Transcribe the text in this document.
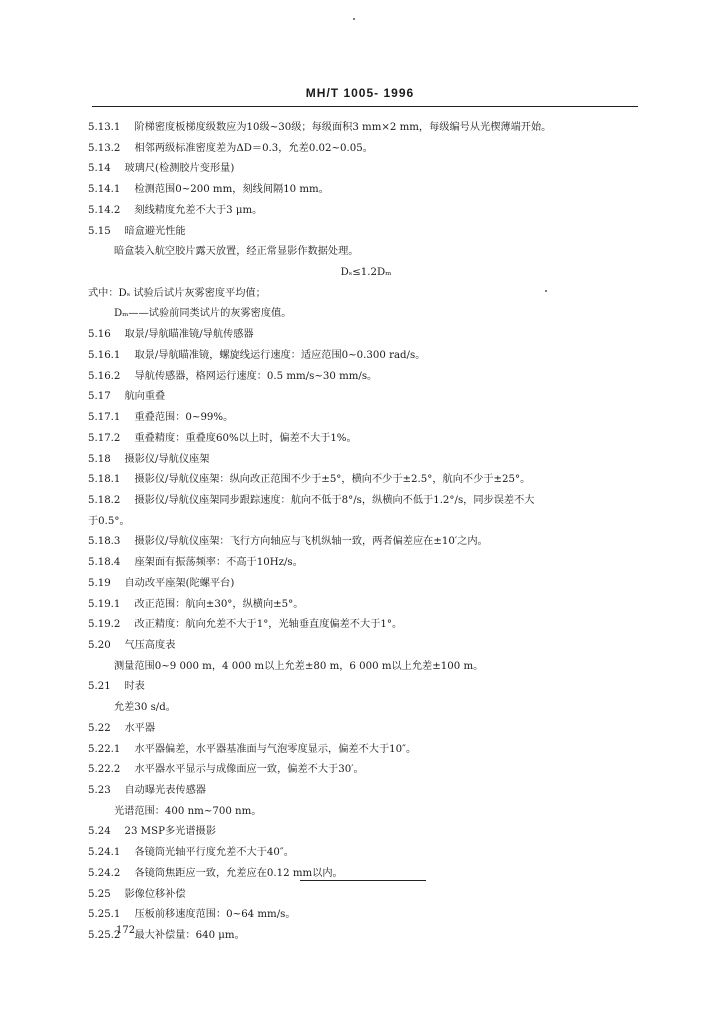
MH/T 1005- 1996
5.13.1 阶梯密度板梯度级数应为10级~30级；每级面积3 mm×2 mm，每级编号从光楔薄端开始。
5.13.2 相邻两级标准密度差为ΔD＝0.3，允差0.02~0.05。
5.14 玻璃尺(检测胶片变形量)
5.14.1 检测范围0~200 mm，刻线间隔10 mm。
5.14.2 刻线精度允差不大于3 μm。
5.15 暗盒避光性能
暗盒装入航空胶片露天放置，经正常显影作数据处理。
Dₛ≤1.2Dₘ
式中：Dₛ 试验后试片灰雾密度平均值；
Dₘ——试验前同类试片的灰雾密度值。
5.16 取景/导航瞄准镜/导航传感器
5.16.1 取景/导航瞄准镜，螺旋线运行速度：适应范围0~0.300 rad/s。
5.16.2 导航传感器，格网运行速度：0.5 mm/s~30 mm/s。
5.17 航向重叠
5.17.1 重叠范围：0~99%。
5.17.2 重叠精度：重叠度60%以上时，偏差不大于1%。
5.18 摄影仪/导航仪座架
5.18.1 摄影仪/导航仪座架：纵向改正范围不少于±5°，横向不少于±2.5°，航向不少于±25°。
5.18.2 摄影仪/导航仪座架同步跟踪速度：航向不低于8°/s，纵横向不低于1.2°/s，同步误差不大
于0.5°。
5.18.3 摄影仪/导航仪座架：飞行方向轴应与飞机纵轴一致，两者偏差应在±10′之内。
5.18.4 座架面有振荡频率：不高于10Hz/s。
5.19 自动改平座架(陀螺平台)
5.19.1 改正范围：航向±30°，纵横向±5°。
5.19.2 改正精度：航向允差不大于1°，光轴垂直度偏差不大于1°。
5.20 气压高度表
测量范围0~9 000 m，4 000 m以上允差±80 m，6 000 m以上允差±100 m。
5.21 时表
允差30 s/d。
5.22 水平器
5.22.1 水平器偏差，水平器基准面与气泡零度显示，偏差不大于10″。
5.22.2 水平器水平显示与成像面应一致，偏差不大于30′。
5.23 自动曝光表传感器
光谱范围：400 nm~700 nm。
5.24 23 MSP多光谱摄影
5.24.1 各镜筒光轴平行度允差不大于40″。
5.24.2 各镜筒焦距应一致，允差应在0.12 mm以内。
5.25 影像位移补偿
5.25.1 压板前移速度范围：0~64 mm/s。
5.25.2 最大补偿量：640 μm。
172
